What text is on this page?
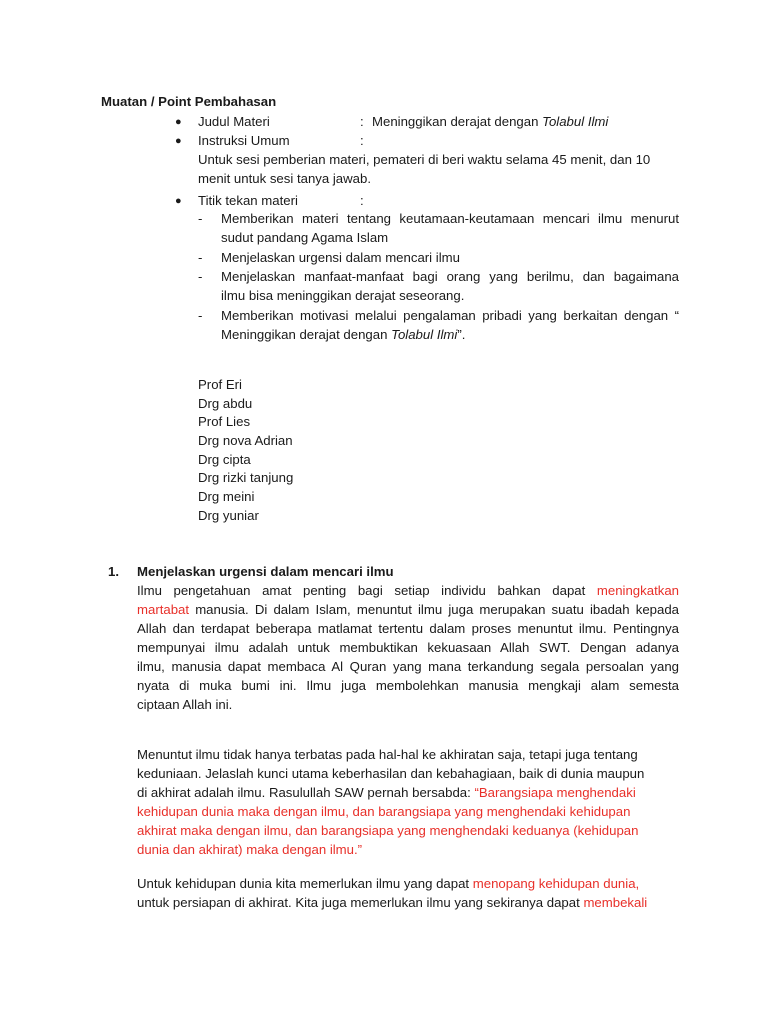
Muatan / Point Pembahasan
● Judul Materi	: Meninggikan derajat dengan Tolabul Ilmi
● Instruksi Umum	:
Untuk sesi pemberian materi, pemateri di beri waktu selama 45 menit, dan 10
menit untuk sesi tanya jawab.
● Titik tekan materi	:
- Memberikan materi tentang keutamaan-keutamaan mencari ilmu menurut
sudut pandang Agama Islam
- Menjelaskan urgensi dalam mencari ilmu
- Menjelaskan manfaat-manfaat bagi orang yang berilmu, dan bagaimana
ilmu bisa meninggikan derajat seseorang.
- Memberikan motivasi melalui pengalaman pribadi yang berkaitan dengan “
Meninggikan derajat dengan Tolabul Ilmi”.
Prof Eri
Drg abdu
Prof Lies
Drg nova Adrian
Drg cipta
Drg rizki tanjung
Drg meini
Drg yuniar
1. Menjelaskan urgensi dalam mencari ilmu
Ilmu pengetahuan amat penting bagi setiap individu bahkan dapat meningkatkan
martabat manusia. Di dalam Islam, menuntut ilmu juga merupakan suatu ibadah kepada
Allah dan terdapat beberapa matlamat tertentu dalam proses menuntut ilmu. Pentingnya
mempunyai ilmu adalah untuk membuktikan kekuasaan Allah SWT. Dengan adanya
ilmu, manusia dapat membaca Al Quran yang mana terkandung segala persoalan yang
nyata di muka bumi ini. Ilmu juga membolehkan manusia mengkaji alam semesta
ciptaan Allah ini.
Menuntut ilmu tidak hanya terbatas pada hal-hal ke akhiratan saja, tetapi juga tentang
keduniaan. Jelaslah kunci utama keberhasilan dan kebahagiaan, baik di dunia maupun
di akhirat adalah ilmu. Rasulullah SAW pernah bersabda: “Barangsiapa menghendaki
kehidupan dunia maka dengan ilmu, dan barangsiapa yang menghendaki kehidupan
akhirat maka dengan ilmu, dan barangsiapa yang menghendaki keduanya (kehidupan
dunia dan akhirat) maka dengan ilmu.”
Untuk kehidupan dunia kita memerlukan ilmu yang dapat menopang kehidupan dunia,
untuk persiapan di akhirat. Kita juga memerlukan ilmu yang sekiranya dapat membekali
